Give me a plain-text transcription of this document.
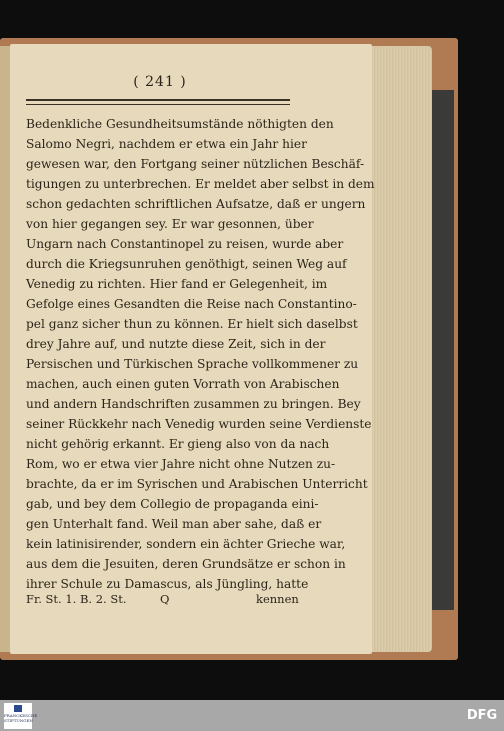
( 241 )
Bedenkliche Gesundheitsumstände nöthigten den
Salomo Negri, nachdem er etwa ein Jahr hier
gewesen war, den Fortgang seiner nützlichen Beschäf-
tigungen zu unterbrechen. Er meldet aber selbst in dem
schon gedachten schriftlichen Aufsatze, daß er ungern
von hier gegangen sey. Er war gesonnen, über
Ungarn nach Constantinopel zu reisen, wurde aber
durch die Kriegsunruhen genöthigt, seinen Weg auf
Venedig zu richten. Hier fand er Gelegenheit, im
Gefolge eines Gesandten die Reise nach Constantino-
pel ganz sicher thun zu können. Er hielt sich daselbst
drey Jahre auf, und nutzte diese Zeit, sich in der
Persischen und Türkischen Sprache vollkommener zu
machen, auch einen guten Vorrath von Arabischen
und andern Handschriften zusammen zu bringen. Bey
seiner Rückkehr nach Venedig wurden seine Verdienste
nicht gehörig erkannt. Er gieng also von da nach
Rom, wo er etwa vier Jahre nicht ohne Nutzen zu-
brachte, da er im Syrischen und Arabischen Unterricht
gab, und bey dem Collegio de propaganda eini-
gen Unterhalt fand. Weil man aber sahe, daß er
kein latinisirender, sondern ein ächter Grieche war,
aus dem die Jesuiten, deren Grundsätze er schon in
ihrer Schule zu Damascus, als Jüngling, hatte
Fr. St. 1. B. 2. St.	Q	kennen
FRANCKESCHE STIFTUNGEN	DFG
